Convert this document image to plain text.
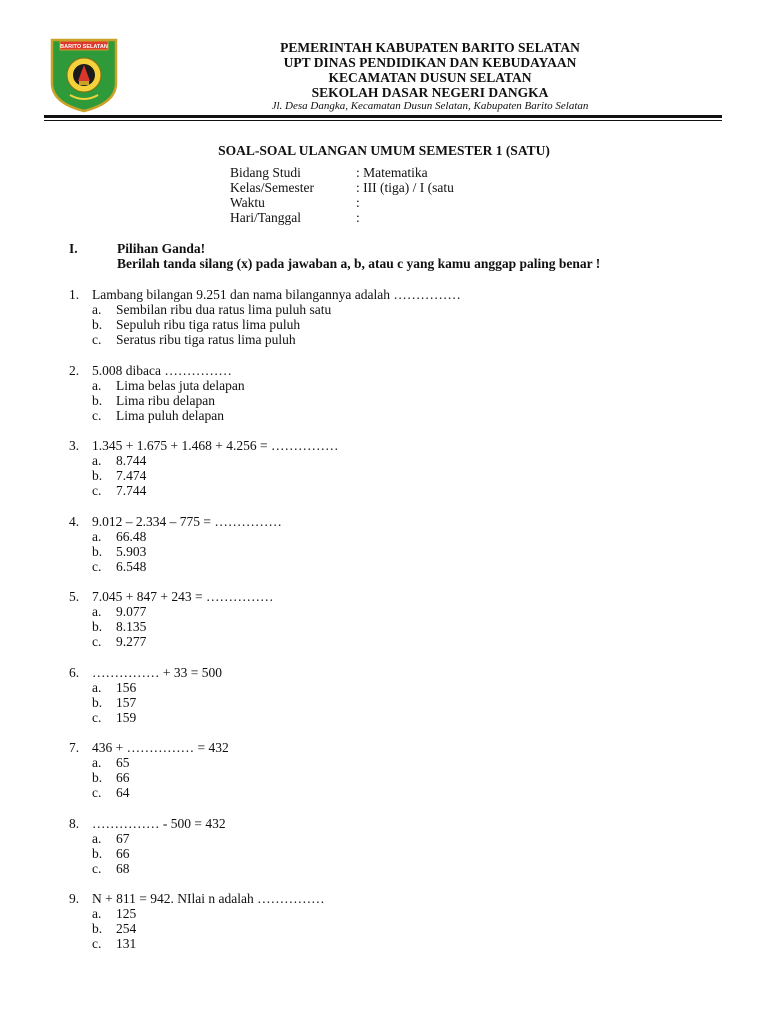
BARITO SELATAN	PEMERINTAH KABUPATEN BARITO SELATAN
UPT DINAS PENDIDIKAN DAN KEBUDAYAAN
KECAMATAN DUSUN SELATAN
SEKOLAH DASAR NEGERI DANGKA
Jl. Desa Dangka, Kecamatan Dusun Selatan, Kabupaten Barito Selatan
SOAL-SOAL ULANGAN UMUM SEMESTER 1 (SATU)
Bidang Studi	: Matematika
Kelas/Semester	: III (tiga) / I (satu
Waktu	:
Hari/Tanggal	:
I.	Pilihan Ganda!
Berilah tanda silang (x) pada jawaban a, b, atau c yang kamu anggap paling benar !
1. Lambang bilangan 9.251 dan nama bilangannya adalah ……………
a. Sembilan ribu dua ratus lima puluh satu
b. Sepuluh ribu tiga ratus lima puluh
c. Seratus ribu tiga ratus lima puluh
2. 5.008 dibaca ……………
a. Lima belas juta delapan
b. Lima ribu delapan
c. Lima puluh delapan
3. 1.345 + 1.675 + 1.468 + 4.256 = ……………
a. 8.744
b. 7.474
c. 7.744
4. 9.012 – 2.334 – 775 = ……………
a. 66.48
b. 5.903
c. 6.548
5. 7.045 + 847 + 243 = ……………
a. 9.077
b. 8.135
c. 9.277
6. …………… + 33 = 500
a. 156
b. 157
c. 159
7. 436 + …………… = 432
a. 65
b. 66
c. 64
8. …………… - 500 = 432
a. 67
b. 66
c. 68
9. N + 811 = 942. NIlai n adalah ……………
a. 125
b. 254
c. 131
